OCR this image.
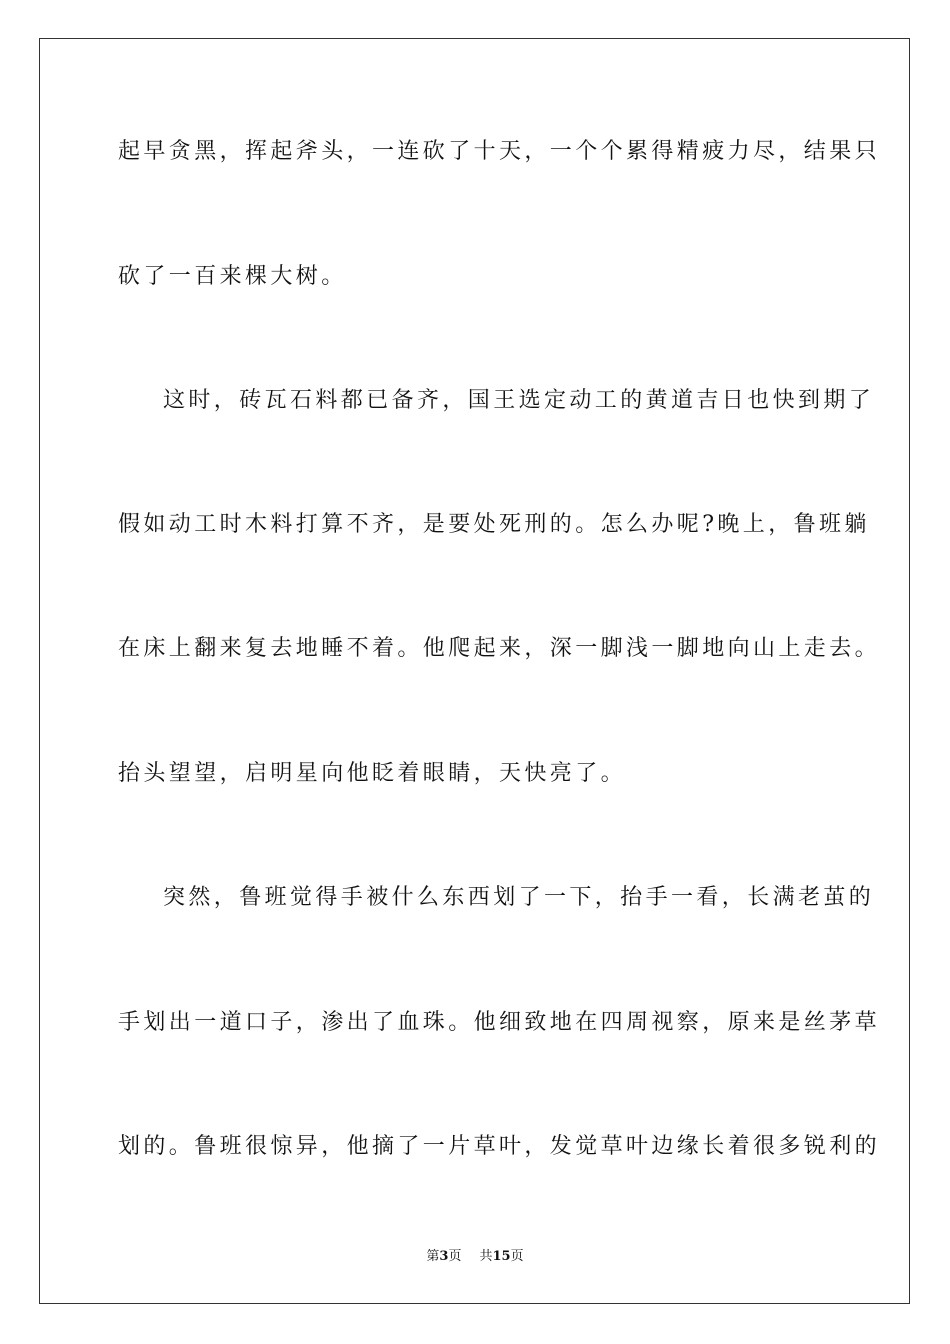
起早贪黑，挥起斧头，一连砍了十天，一个个累得精疲力尽，结果只
砍了一百来棵大树。
这时，砖瓦石料都已备齐，国王选定动工的黄道吉日也快到期了
假如动工时木料打算不齐，是要处死刑的。怎么办呢?晚上，鲁班躺
在床上翻来复去地睡不着。他爬起来，深一脚浅一脚地向山上走去。
抬头望望，启明星向他眨着眼睛，天快亮了。
突然，鲁班觉得手被什么东西划了一下，抬手一看，长满老茧的
手划出一道口子，渗出了血珠。他细致地在四周视察，原来是丝茅草
划的。鲁班很惊异，他摘了一片草叶，发觉草叶边缘长着很多锐利的
第3页 共15页
